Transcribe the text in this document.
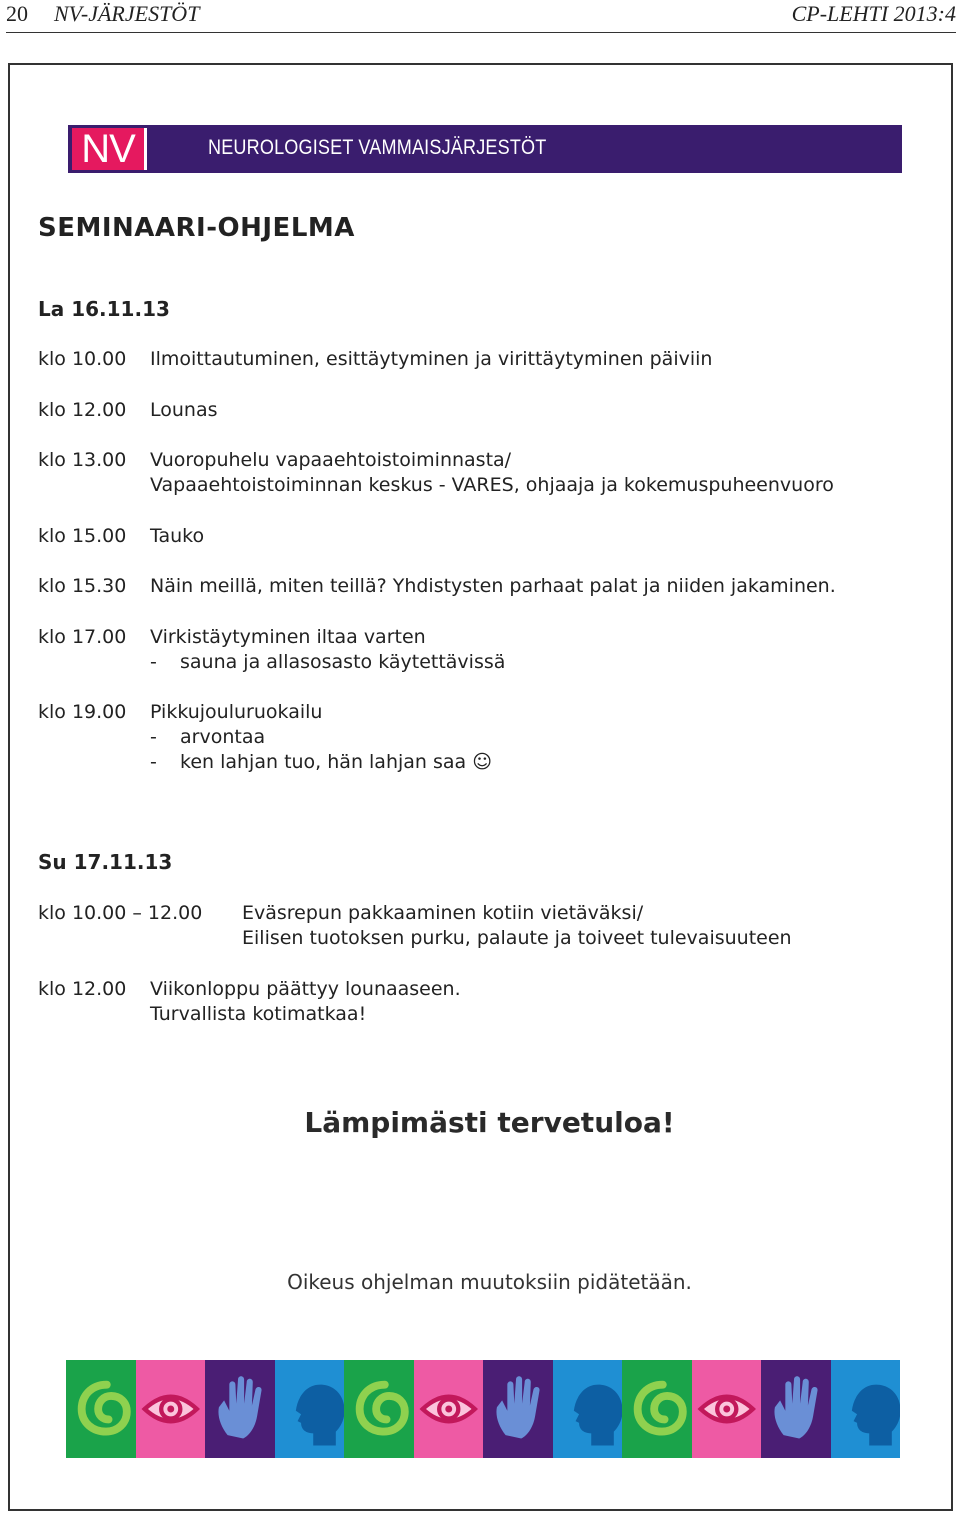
20 NV-JÄRJESTÖT	CP-LEHTI 2013:4
NV	NEUROLOGISET VAMMAISJÄRJESTÖT
SEMINAARI-OHJELMA
La 16.11.13
klo 10.00 Ilmoittautuminen, esittäytyminen ja virittäytyminen päiviin
klo 12.00 Lounas
klo 13.00 Vuoropuhelu vapaaehtoistoiminnasta/
Vapaaehtoistoiminnan keskus - VARES, ohjaaja ja kokemuspuheenvuoro
klo 15.00 Tauko
klo 15.30 Näin meillä, miten teillä? Yhdistysten parhaat palat ja niiden jakaminen.
klo 17.00 Virkistäytyminen iltaa varten
- sauna ja allasosasto käytettävissä
klo 19.00 Pikkujouluruokailu
- arvontaa
- ken lahjan tuo, hän lahjan saa ☺
Su 17.11.13
klo 10.00 – 12.00 Eväsrepun pakkaaminen kotiin vietäväksi/
Eilisen tuotoksen purku, palaute ja toiveet tulevaisuuteen
klo 12.00 Viikonloppu päättyy lounaaseen.
Turvallista kotimatkaa!
Lämpimästi tervetuloa!
Oikeus ohjelman muutoksiin pidätetään.
